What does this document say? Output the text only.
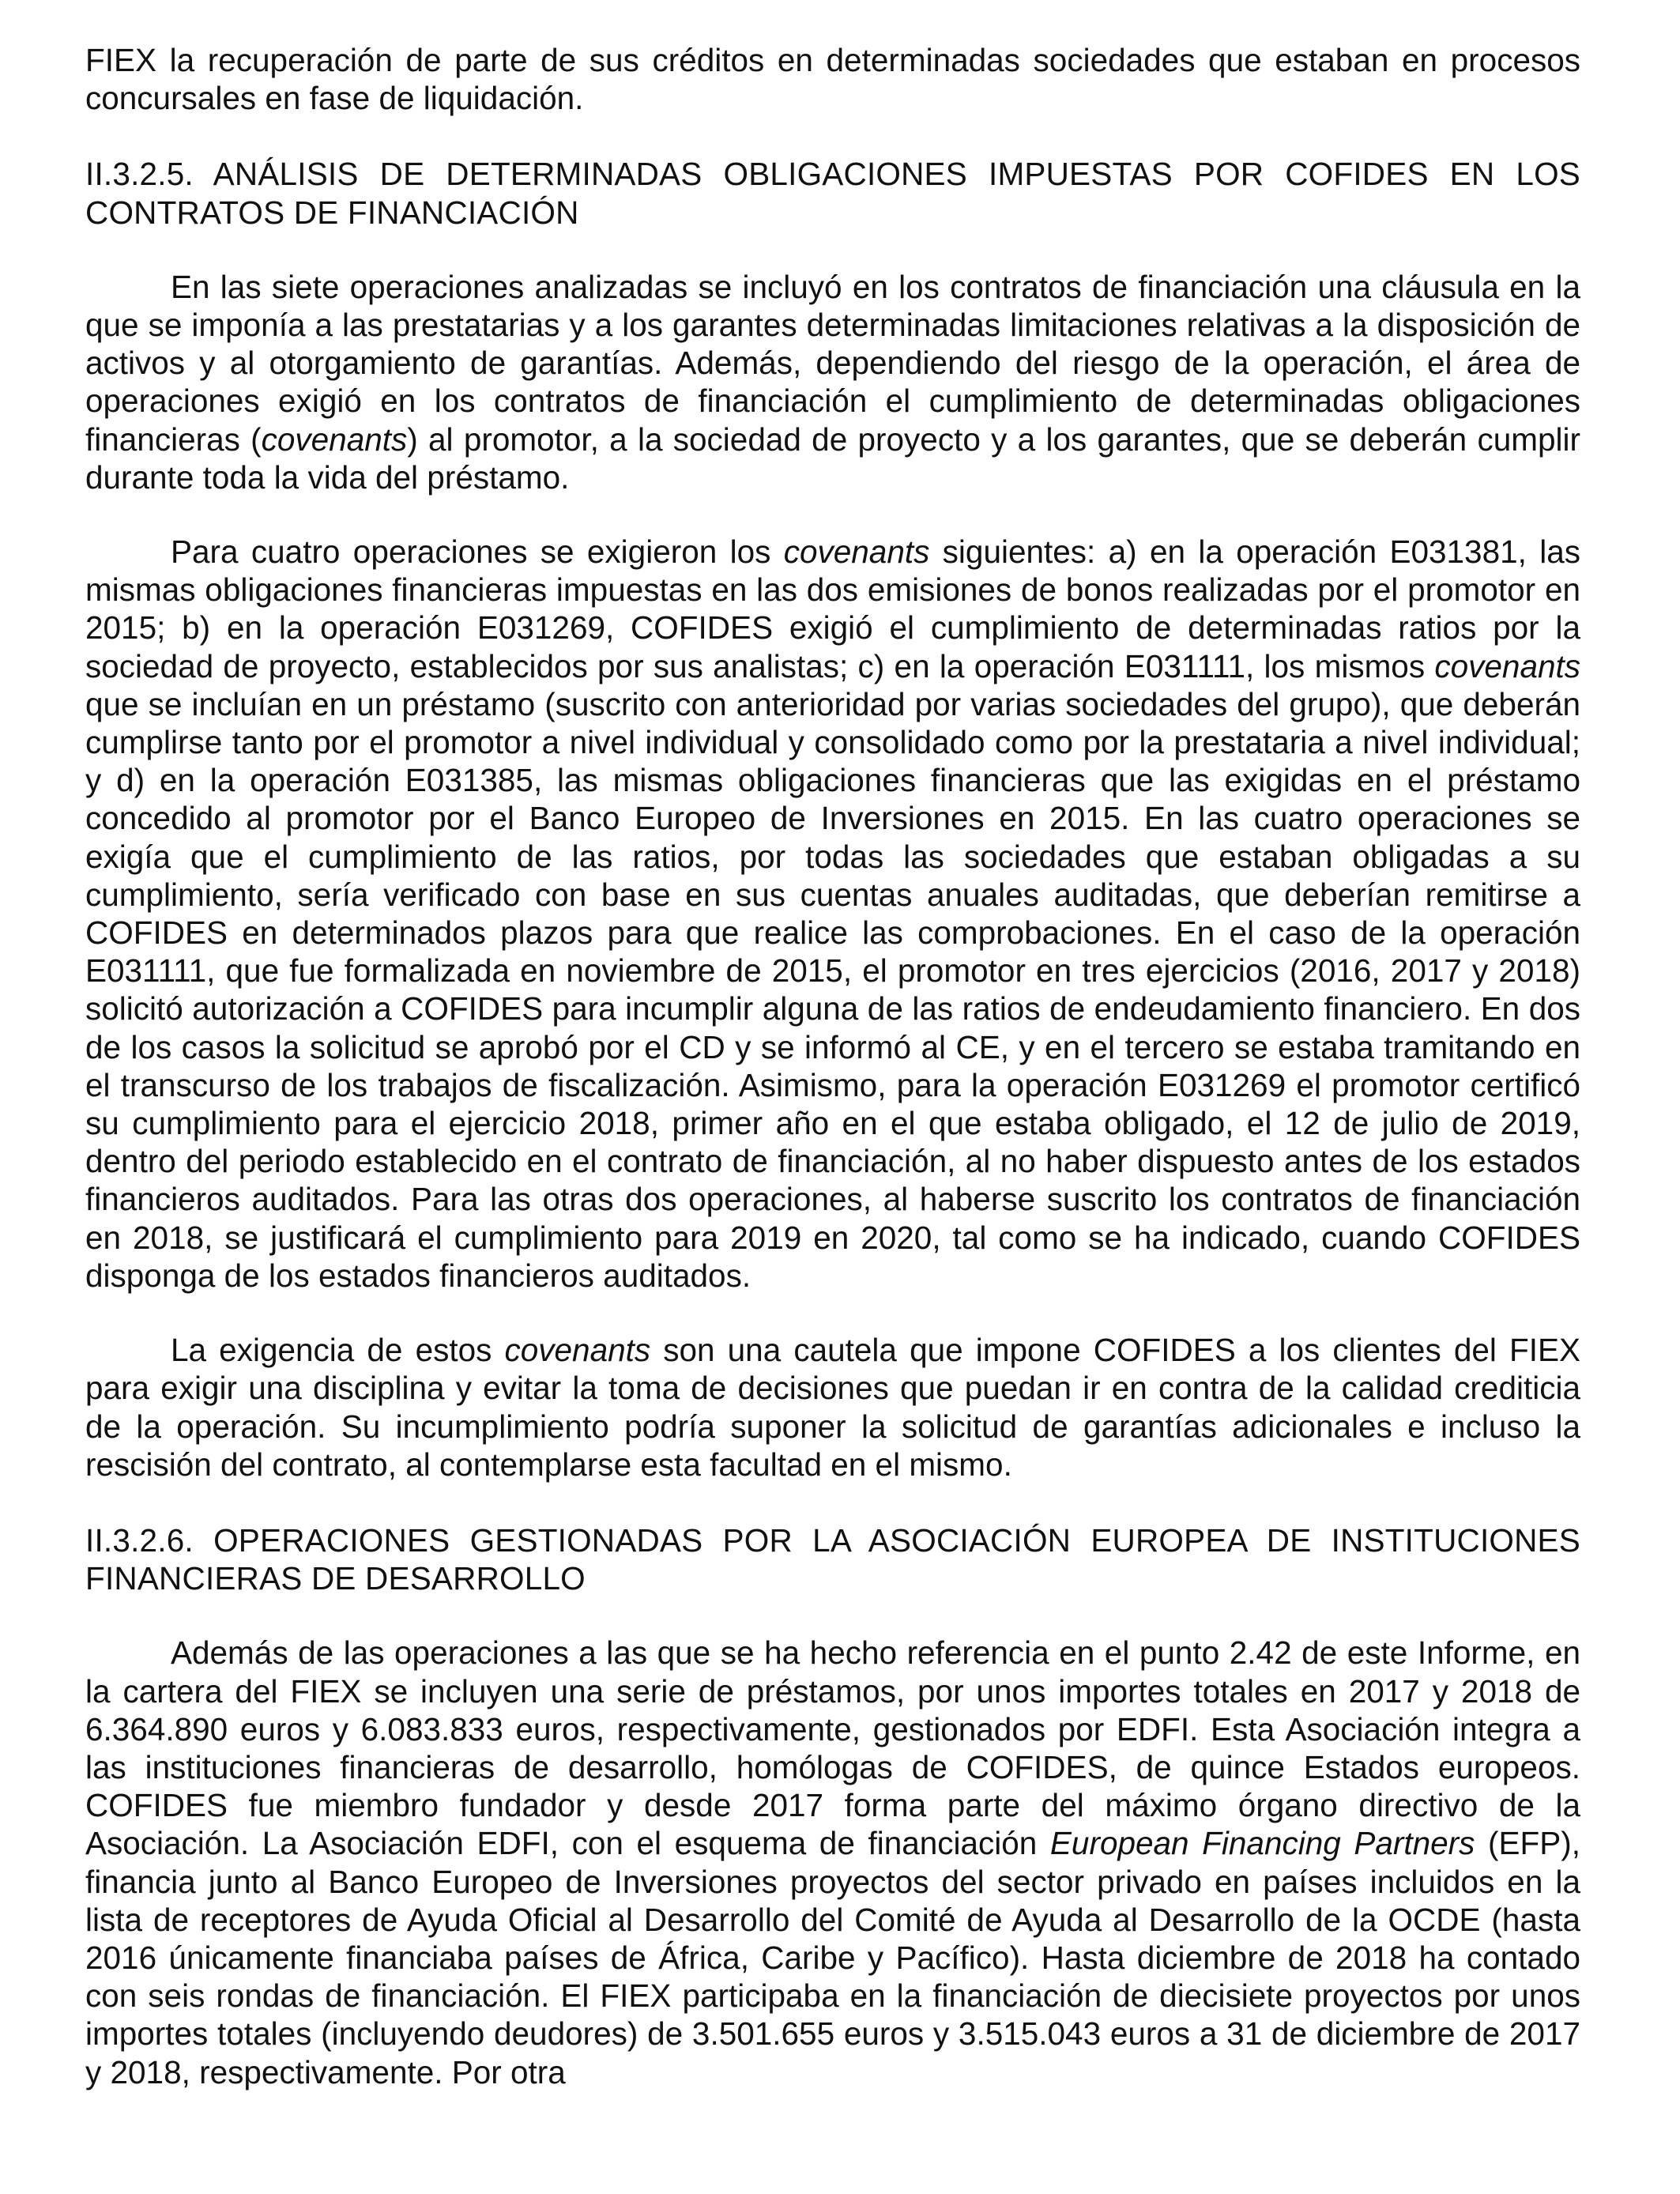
FIEX la recuperación de parte de sus créditos en determinadas sociedades que estaban en procesos concursales en fase de liquidación.

II.3.2.5. ANÁLISIS DE DETERMINADAS OBLIGACIONES IMPUESTAS POR COFIDES EN LOS CONTRATOS DE FINANCIACIÓN

En las siete operaciones analizadas se incluyó en los contratos de financiación una cláusula en la que se imponía a las prestatarias y a los garantes determinadas limitaciones relativas a la disposición de activos y al otorgamiento de garantías. Además, dependiendo del riesgo de la operación, el área de operaciones exigió en los contratos de financiación el cumplimiento de determinadas obligaciones financieras (covenants) al promotor, a la sociedad de proyecto y a los garantes, que se deberán cumplir durante toda la vida del préstamo.

Para cuatro operaciones se exigieron los covenants siguientes: a) en la operación E031381, las mismas obligaciones financieras impuestas en las dos emisiones de bonos realizadas por el promotor en 2015; b) en la operación E031269, COFIDES exigió el cumplimiento de determinadas ratios por la sociedad de proyecto, establecidos por sus analistas; c) en la operación E031111, los mismos covenants que se incluían en un préstamo (suscrito con anterioridad por varias sociedades del grupo), que deberán cumplirse tanto por el promotor a nivel individual y consolidado como por la prestataria a nivel individual; y d) en la operación E031385, las mismas obligaciones financieras que las exigidas en el préstamo concedido al promotor por el Banco Europeo de Inversiones en 2015. En las cuatro operaciones se exigía que el cumplimiento de las ratios, por todas las sociedades que estaban obligadas a su cumplimiento, sería verificado con base en sus cuentas anuales auditadas, que deberían remitirse a COFIDES en determinados plazos para que realice las comprobaciones. En el caso de la operación E031111, que fue formalizada en noviembre de 2015, el promotor en tres ejercicios (2016, 2017 y 2018) solicitó autorización a COFIDES para incumplir alguna de las ratios de endeudamiento financiero. En dos de los casos la solicitud se aprobó por el CD y se informó al CE, y en el tercero se estaba tramitando en el transcurso de los trabajos de fiscalización. Asimismo, para la operación E031269 el promotor certificó su cumplimiento para el ejercicio 2018, primer año en el que estaba obligado, el 12 de julio de 2019, dentro del periodo establecido en el contrato de financiación, al no haber dispuesto antes de los estados financieros auditados. Para las otras dos operaciones, al haberse suscrito los contratos de financiación en 2018, se justificará el cumplimiento para 2019 en 2020, tal como se ha indicado, cuando COFIDES disponga de los estados financieros auditados.

La exigencia de estos covenants son una cautela que impone COFIDES a los clientes del FIEX para exigir una disciplina y evitar la toma de decisiones que puedan ir en contra de la calidad crediticia de la operación. Su incumplimiento podría suponer la solicitud de garantías adicionales e incluso la rescisión del contrato, al contemplarse esta facultad en el mismo.

II.3.2.6. OPERACIONES GESTIONADAS POR LA ASOCIACIÓN EUROPEA DE INSTITUCIONES FINANCIERAS DE DESARROLLO

Además de las operaciones a las que se ha hecho referencia en el punto 2.42 de este Informe, en la cartera del FIEX se incluyen una serie de préstamos, por unos importes totales en 2017 y 2018 de 6.364.890 euros y 6.083.833 euros, respectivamente, gestionados por EDFI. Esta Asociación integra a las instituciones financieras de desarrollo, homólogas de COFIDES, de quince Estados europeos. COFIDES fue miembro fundador y desde 2017 forma parte del máximo órgano directivo de la Asociación. La Asociación EDFI, con el esquema de financiación European Financing Partners (EFP), financia junto al Banco Europeo de Inversiones proyectos del sector privado en países incluidos en la lista de receptores de Ayuda Oficial al Desarrollo del Comité de Ayuda al Desarrollo de la OCDE (hasta 2016 únicamente financiaba países de África, Caribe y Pacífico). Hasta diciembre de 2018 ha contado con seis rondas de financiación. El FIEX participaba en la financiación de diecisiete proyectos por unos importes totales (incluyendo deudores) de 3.501.655 euros y 3.515.043 euros a 31 de diciembre de 2017 y 2018, respectivamente. Por otra
